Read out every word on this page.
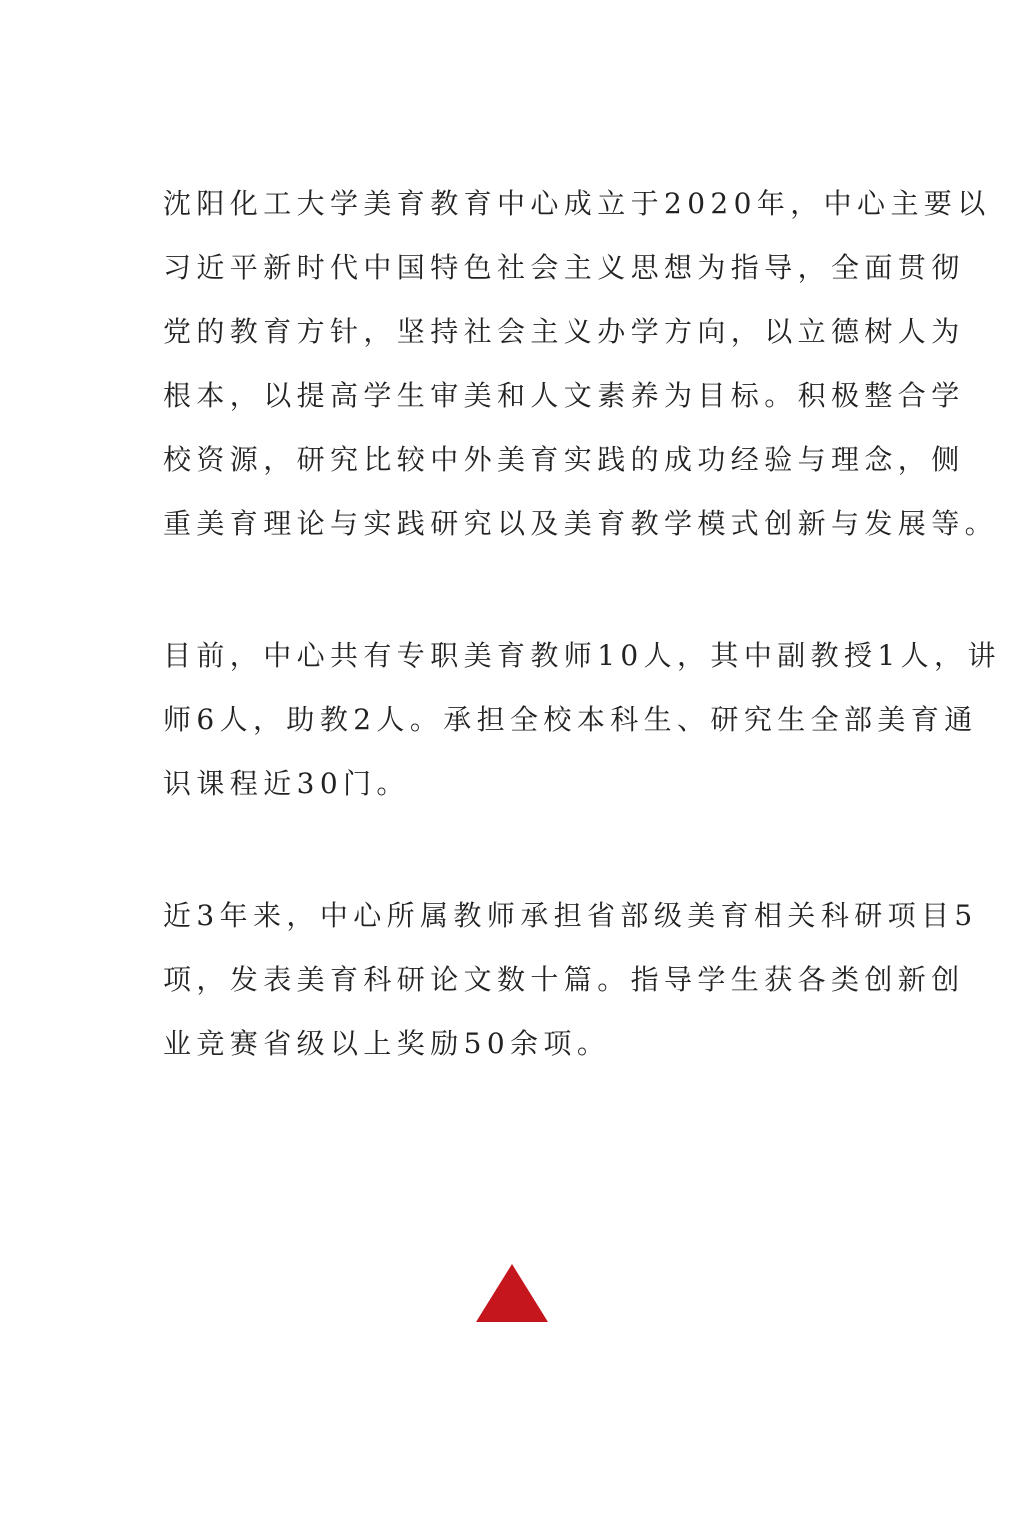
沈阳化工大学美育教育中心成立于2020年，中心主要以
习近平新时代中国特色社会主义思想为指导，全面贯彻
党的教育方针，坚持社会主义办学方向，以立德树人为
根本，以提高学生审美和人文素养为目标。积极整合学
校资源，研究比较中外美育实践的成功经验与理念，侧
重美育理论与实践研究以及美育教学模式创新与发展等。
目前，中心共有专职美育教师10人，其中副教授1人，讲
师6人，助教2人。承担全校本科生、研究生全部美育通
识课程近30门。
近3年来，中心所属教师承担省部级美育相关科研项目5
项，发表美育科研论文数十篇。指导学生获各类创新创
业竞赛省级以上奖励50余项。
